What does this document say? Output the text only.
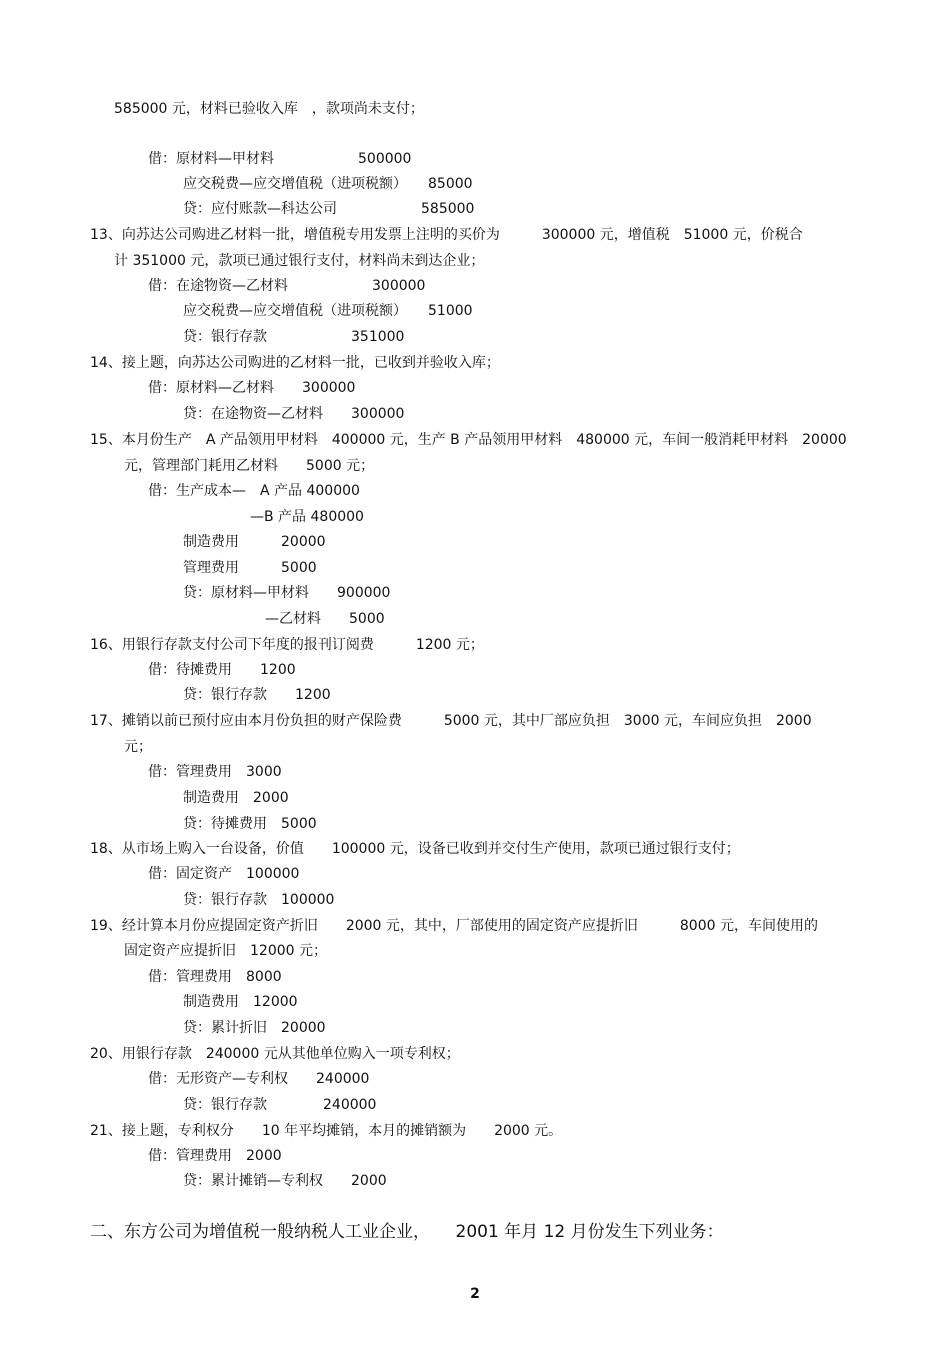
585000 元，材料已验收入库　，款项尚未支付；
借：原材料—甲材料　　　　　　500000
应交税费—应交增值税（进项税额）　　85000
贷：应付账款—科达公司　　　　　　585000
13、向苏达公司购进乙材料一批，增值税专用发票上注明的买价为　　　300000 元，增值税　51000 元，价税合
计 351000 元，款项已通过银行支付，材料尚未到达企业；
借：在途物资—乙材料　　　　　　300000
应交税费—应交增值税（进项税额）　　51000
贷：银行存款　　　　　　351000
14、接上题，向苏达公司购进的乙材料一批，已收到并验收入库；
借：原材料—乙材料　　300000
贷：在途物资—乙材料　　300000
15、本月份生产　A 产品领用甲材料　400000 元，生产 B 产品领用甲材料　480000 元，车间一般消耗甲材料　20000
元，管理部门耗用乙材料　　5000 元；
借：生产成本—　A 产品 400000
—B 产品 480000
制造费用　　　20000
管理费用　　　5000
贷：原材料—甲材料　　900000
—乙材料　　5000
16、用银行存款支付公司下年度的报刊订阅费　　　1200 元；
借：待摊费用　　1200
贷：银行存款　　1200
17、摊销以前已预付应由本月份负担的财产保险费　　　5000 元，其中厂部应负担　3000 元，车间应负担　2000
元；
借：管理费用　3000
制造费用　2000
贷：待摊费用　5000
18、从市场上购入一台设备，价值　　100000 元，设备已收到并交付生产使用，款项已通过银行支付；
借：固定资产　100000
贷：银行存款　100000
19、经计算本月份应提固定资产折旧　　2000 元，其中，厂部使用的固定资产应提折旧　　　8000 元，车间使用的
固定资产应提折旧　12000 元；
借：管理费用　8000
制造费用　12000
贷：累计折旧　20000
20、用银行存款　240000 元从其他单位购入一项专利权；
借：无形资产—专利权　　240000
贷：银行存款　　　　240000
21、接上题，专利权分　　10 年平均摊销，本月的摊销额为　　2000 元。
借：管理费用　2000
贷：累计摊销—专利权　　2000
二、东方公司为增值税一般纳税人工业企业，　　2001 年月 12 月份发生下列业务：
2
